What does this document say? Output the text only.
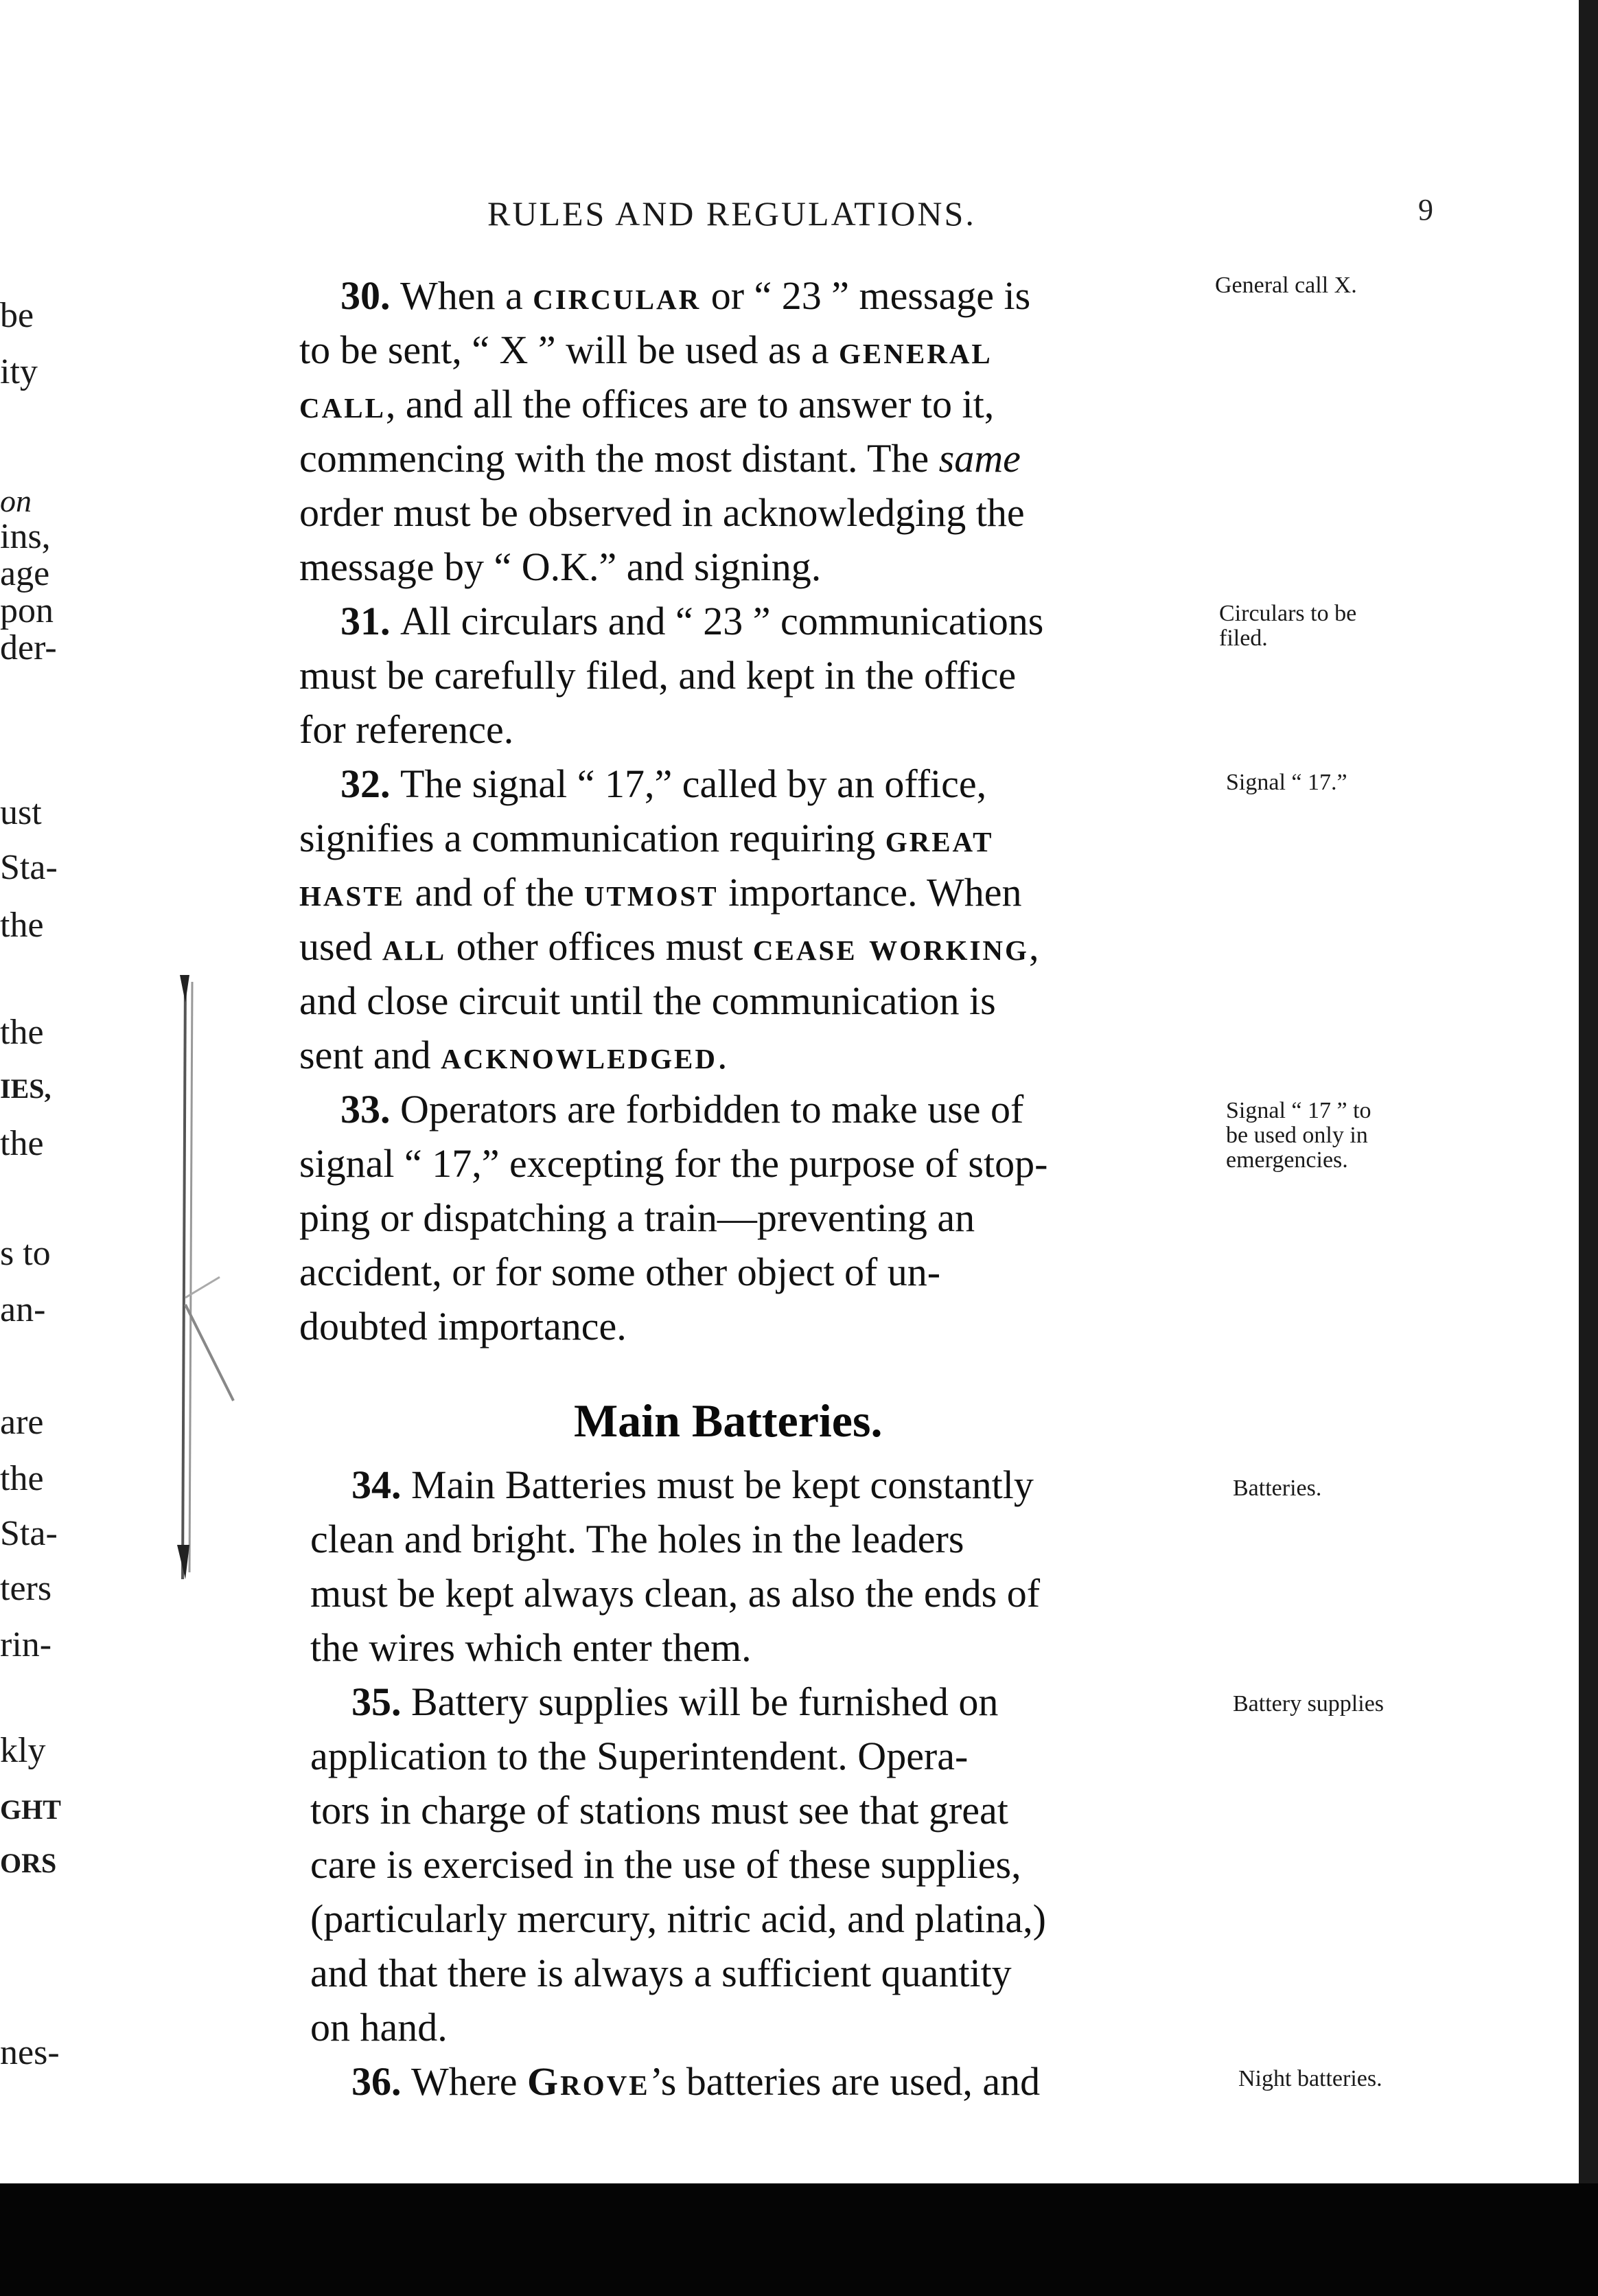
RULES AND REGULATIONS.	9
30. When a circular or “ 23 ” message is
to be sent, “ X ” will be used as a general
call, and all the offices are to answer to it,
commencing with the most distant. The same
order must be observed in acknowledging the
message by “ O.K.” and signing.
31. All circulars and “ 23 ” communications
must be carefully filed, and kept in the office
for reference.
32. The signal “ 17,” called by an office,
signifies a communication requiring great
haste and of the utmost importance. When
used all other offices must cease working,
and close circuit until the communication is
sent and acknowledged.
33. Operators are forbidden to make use of
signal “ 17,” excepting for the purpose of stop-
ping or dispatching a train—preventing an
accident, or for some other object of un-
doubted importance.
34. Main Batteries must be kept constantly
clean and bright. The holes in the leaders
must be kept always clean, as also the ends of
the wires which enter them.
35. Battery supplies will be furnished on
application to the Superintendent. Opera-
tors in charge of stations must see that great
care is exercised in the use of these supplies,
(particularly mercury, nitric acid, and platina,)
and that there is always a sufficient quantity
on hand.
36. Where Grove’s batteries are used, and
Main Batteries.
General call X.
Circulars to be
filed.
Signal “ 17.”
Signal “ 17 ” to
be used only in
emergencies.
Batteries.
Battery supplies
Night batteries.
be
ity
on
ins,
age
pon
der-
ust
Sta-
the
the
IES,
the
s to
an-
are
the
Sta-
ters
rin-
kly
GHT
ORS
nes-
